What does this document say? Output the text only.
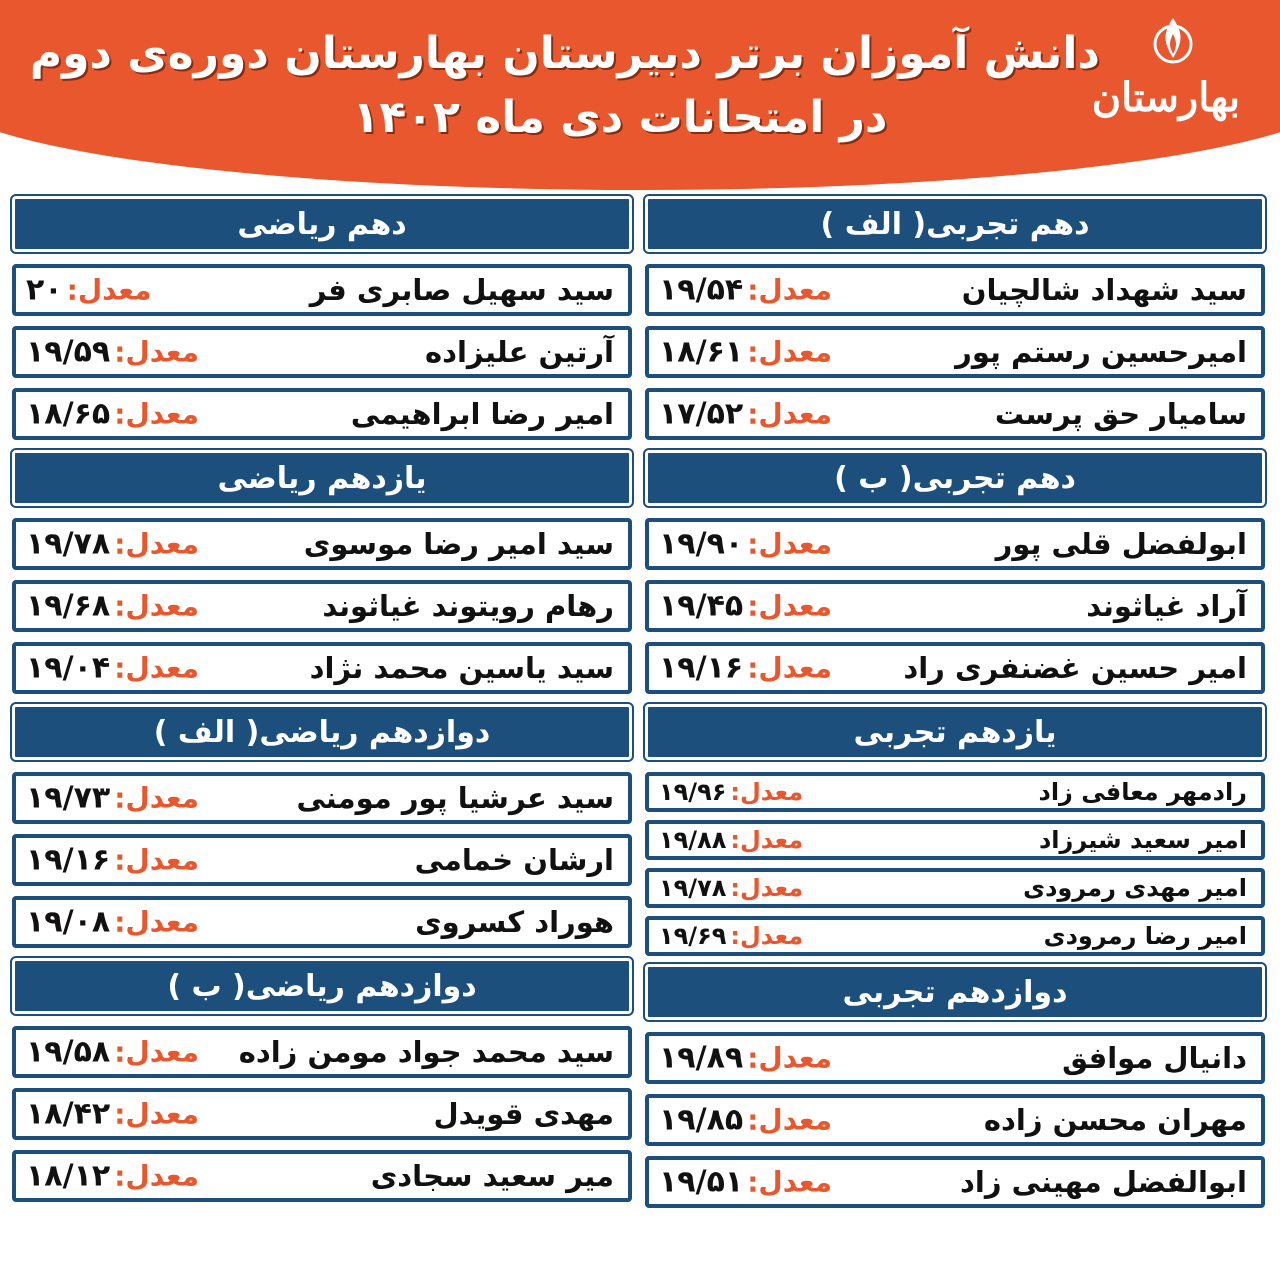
دانش آموزان برتر دبیرستان بهارستان دوره‌ی دوم
در امتحانات دی ماه ۱۴۰۲	بهارستان
دهم تجربی( الف )
سید شهداد شالچیان
۱۹/۵۴ معدل:
امیرحسین رستم پور
۱۸/۶۱ معدل:
سامیار حق پرست
۱۷/۵۲ معدل:
دهم تجربی( ب )
ابولفضل قلی پور
۱۹/۹۰ معدل:
آراد غیاثوند
۱۹/۴۵ معدل:
امیر حسین غضنفری راد
۱۹/۱۶ معدل:
یازدهم تجربی
رادمهر معافی زاد
۱۹/۹۶ معدل:
امیر سعید شیرزاد
۱۹/۸۸ معدل:
امیر مهدی رمرودی
۱۹/۷۸ معدل:
امیر رضا رمرودی
۱۹/۶۹ معدل:
دوازدهم تجربی
دانیال موافق
۱۹/۸۹ معدل:
مهران محسن زاده
۱۹/۸۵ معدل:
ابوالفضل مهینی زاد
۱۹/۵۱ معدل:
دهم ریاضی
سید سهیل صابری فر
۲۰ معدل:
آرتین علیزاده
۱۹/۵۹ معدل:
امیر رضا ابراهیمی
۱۸/۶۵ معدل:
یازدهم ریاضی
سید امیر رضا موسوی
۱۹/۷۸ معدل:
رهام رویتوند غیاثوند
۱۹/۶۸ معدل:
سید یاسین محمد نژاد
۱۹/۰۴ معدل:
دوازدهم ریاضی( الف )
سید عرشیا پور مومنی
۱۹/۷۳ معدل:
ارشان خمامی
۱۹/۱۶ معدل:
هوراد کسروی
۱۹/۰۸ معدل:
دوازدهم ریاضی( ب )
سید محمد جواد مومن زاده
۱۹/۵۸ معدل:
مهدی قویدل
۱۸/۴۲ معدل:
میر سعید سجادی
۱۸/۱۲ معدل:
